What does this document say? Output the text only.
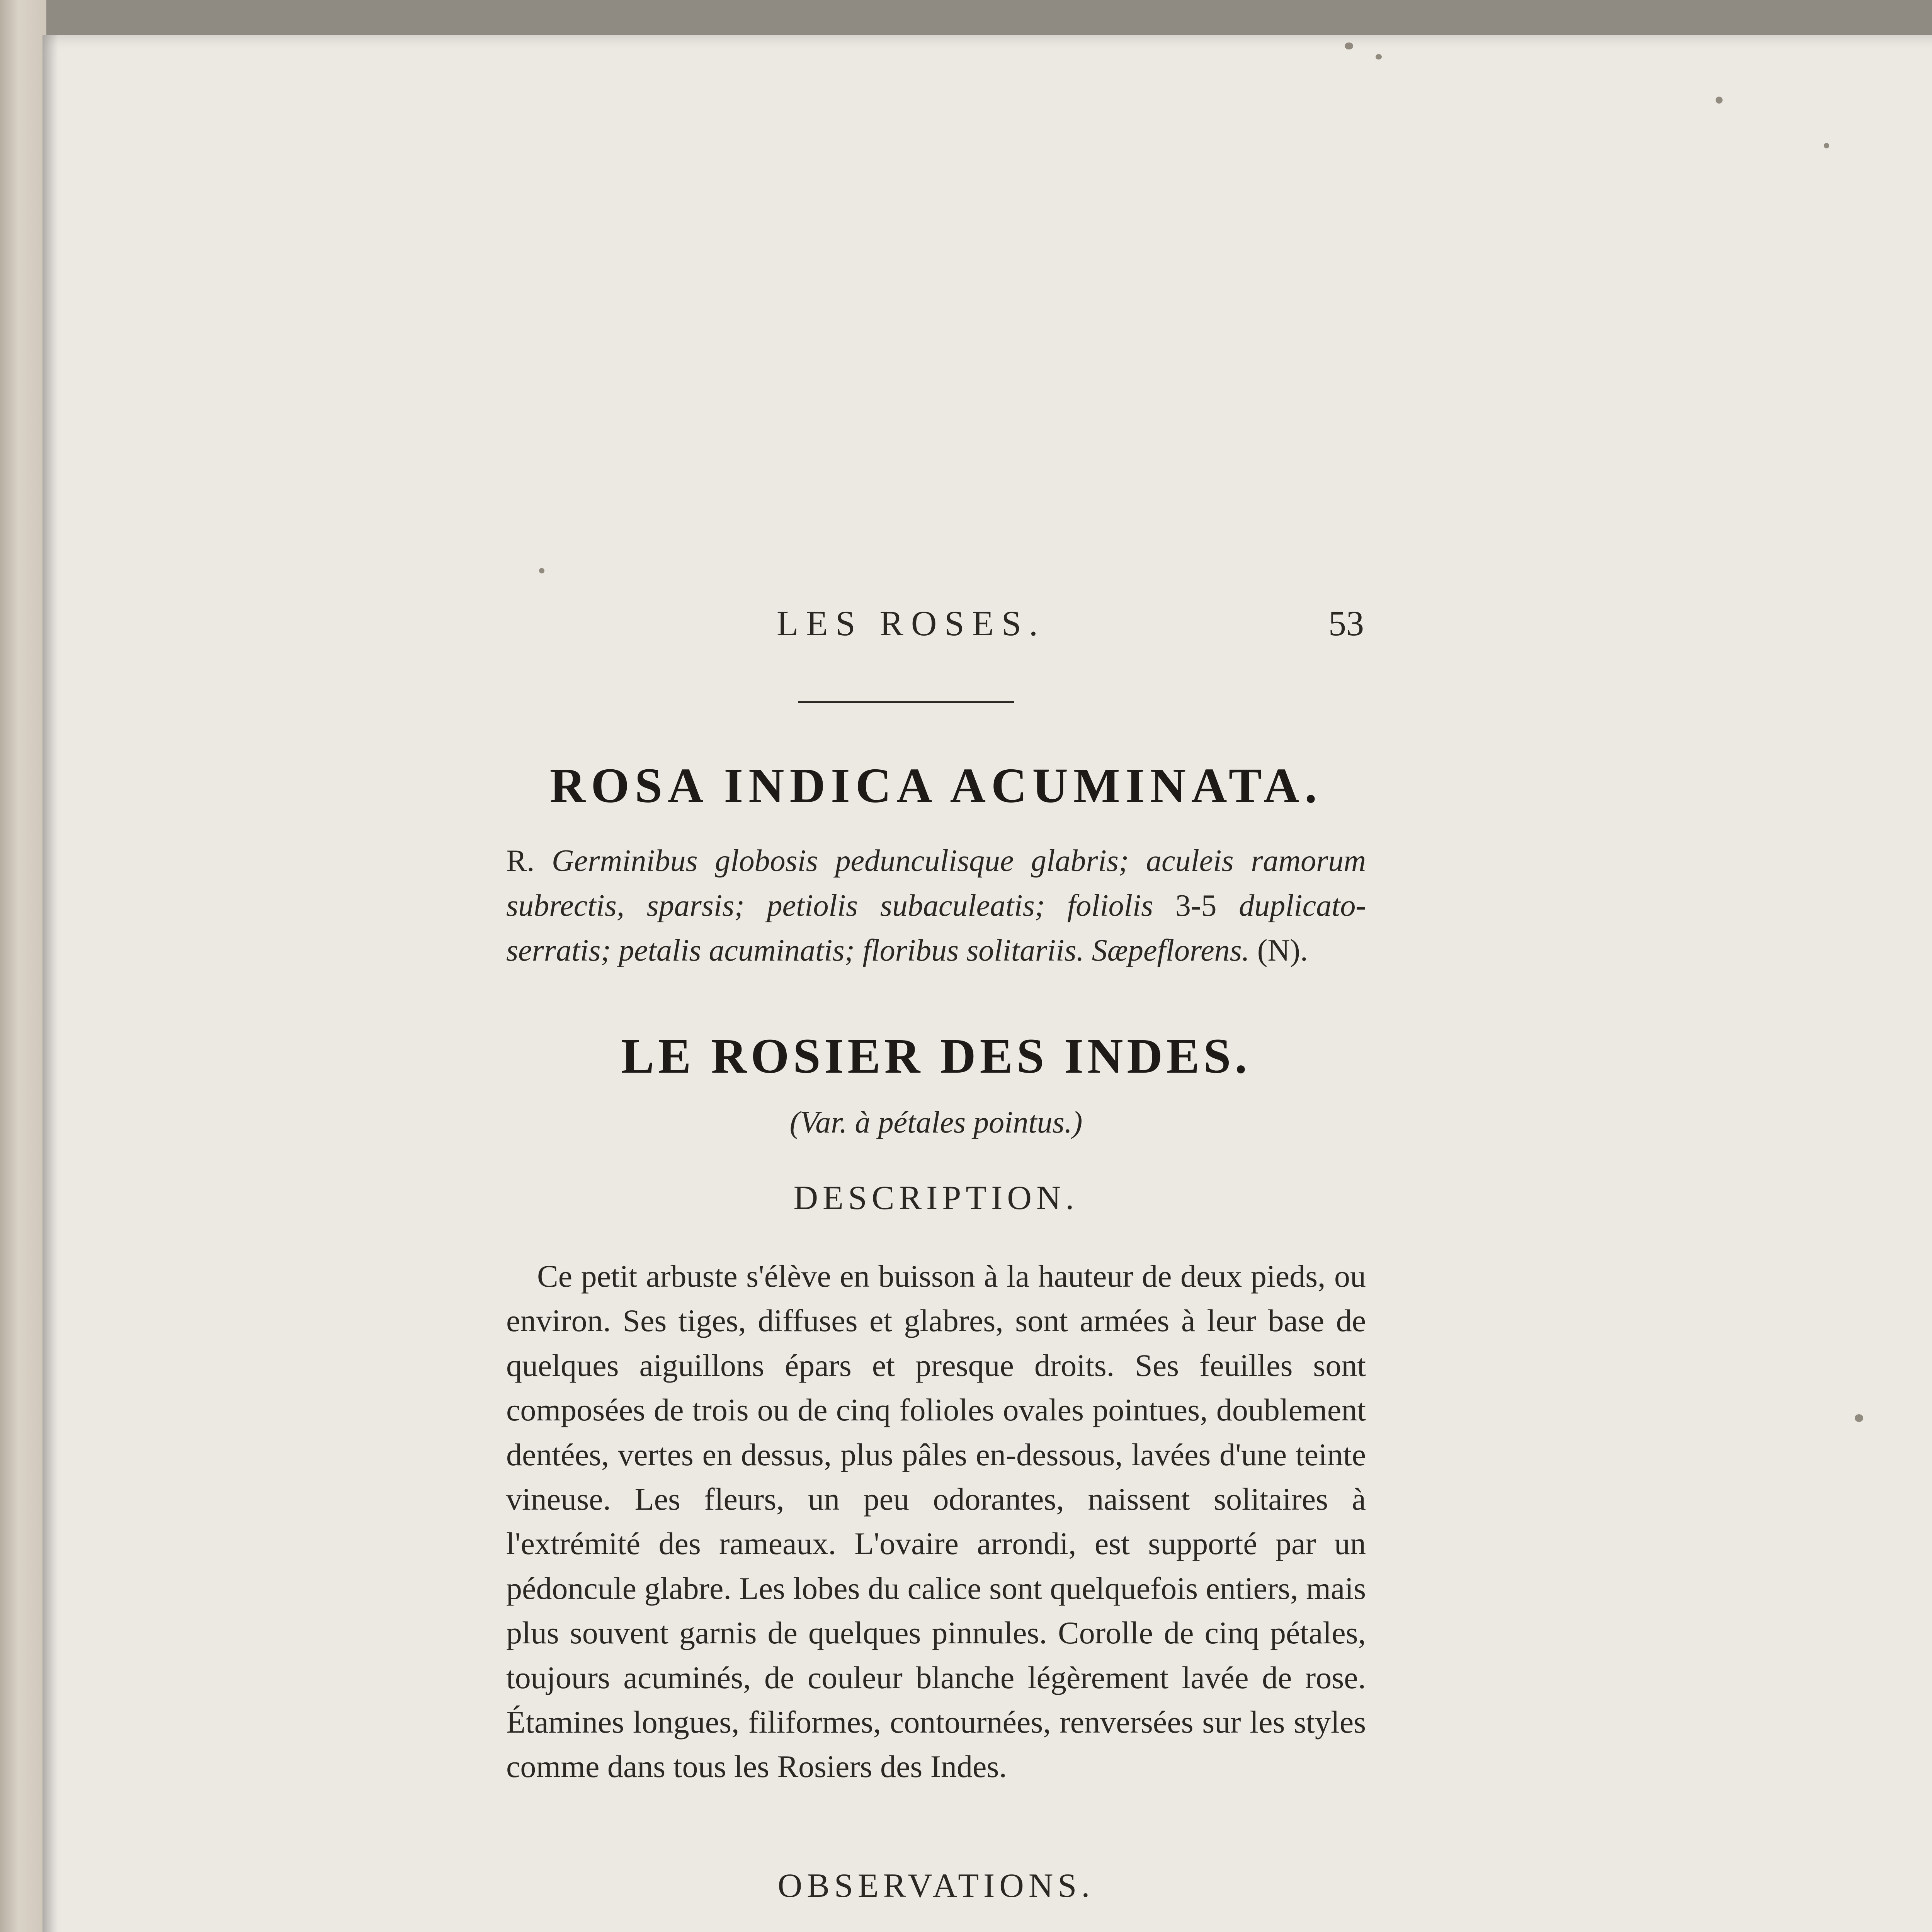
LES ROSES.	53
ROSA INDICA ACUMINATA.
R. Germinibus globosis pedunculisque glabris; aculeis ramorum subrectis, sparsis; petiolis subaculeatis; foliolis 3-5 duplicato-serratis; petalis acuminatis; floribus solitariis. Sæpeflorens. (N).
LE ROSIER DES INDES.
(Var. à pétales pointus.)
DESCRIPTION.
Ce petit arbuste s'élève en buisson à la hauteur de deux pieds, ou environ. Ses tiges, diffuses et glabres, sont armées à leur base de quelques aiguillons épars et presque droits. Ses feuilles sont composées de trois ou de cinq folioles ovales pointues, doublement dentées, vertes en dessus, plus pâles en-dessous, lavées d'une teinte vineuse. Les fleurs, un peu odorantes, naissent solitaires à l'extrémité des rameaux. L'ovaire arrondi, est supporté par un pédoncule glabre. Les lobes du calice sont quelquefois entiers, mais plus souvent garnis de quelques pinnules. Corolle de cinq pétales, toujours acuminés, de couleur blanche légèrement lavée de rose. Étamines longues, filiformes, contournées, renversées sur les styles comme dans tous les Rosiers des Indes.
OBSERVATIONS.
